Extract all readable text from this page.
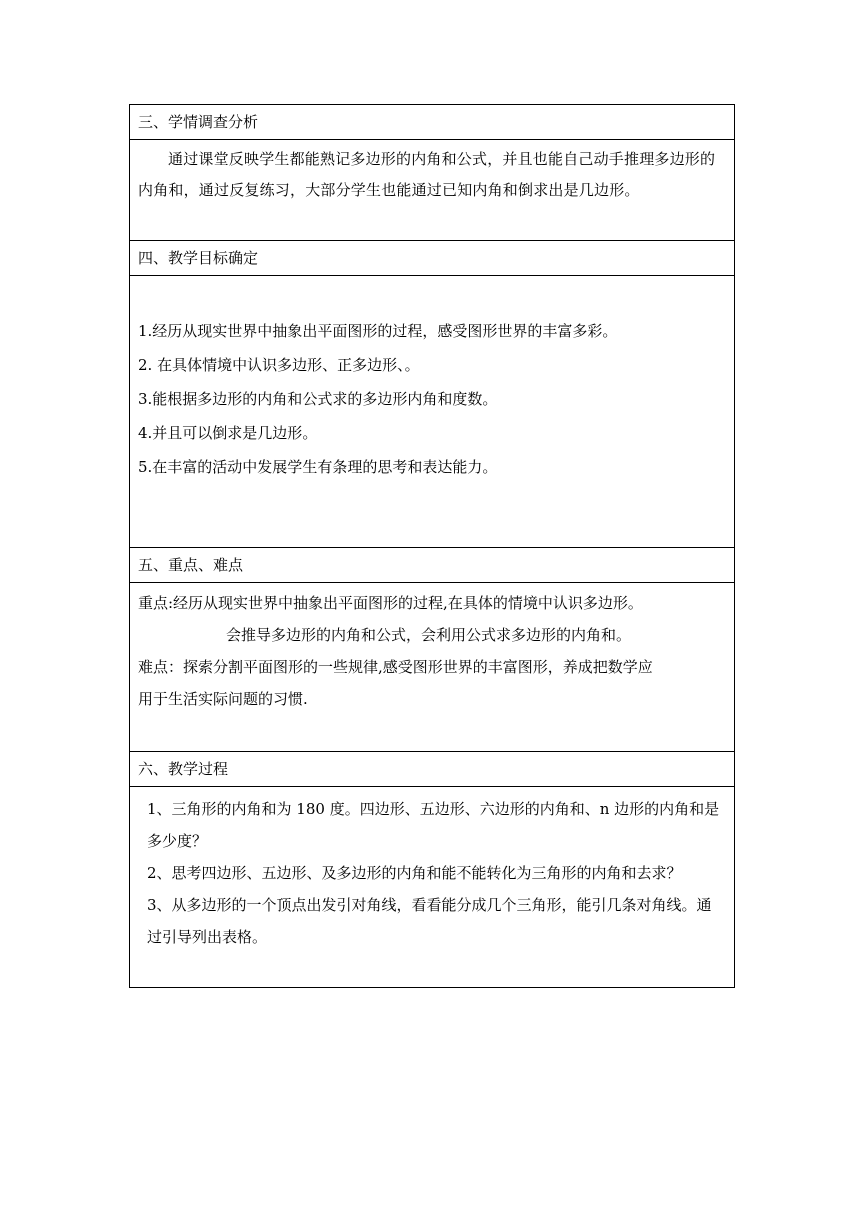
三、学情调查分析
通过课堂反映学生都能熟记多边形的内角和公式，并且也能自己动手推理多边形的内角和，通过反复练习，大部分学生也能通过已知内角和倒求出是几边形。
四、教学目标确定
1.经历从现实世界中抽象出平面图形的过程，感受图形世界的丰富多彩。
2. 在具体情境中认识多边形、正多边形、。
3.能根据多边形的内角和公式求的多边形内角和度数。
4.并且可以倒求是几边形。
5.在丰富的活动中发展学生有条理的思考和表达能力。
五、重点、难点
重点:经历从现实世界中抽象出平面图形的过程,在具体的情境中认识多边形。
会推导多边形的内角和公式，会利用公式求多边形的内角和。
难点：探索分割平面图形的一些规律,感受图形世界的丰富图形，养成把数学应
用于生活实际问题的习惯.
六、教学过程
1、三角形的内角和为 180 度。四边形、五边形、六边形的内角和、n 边形的内角和是多少度？
2、思考四边形、五边形、及多边形的内角和能不能转化为三角形的内角和去求？
3、从多边形的一个顶点出发引对角线，看看能分成几个三角形，能引几条对角线。通过引导列出表格。
